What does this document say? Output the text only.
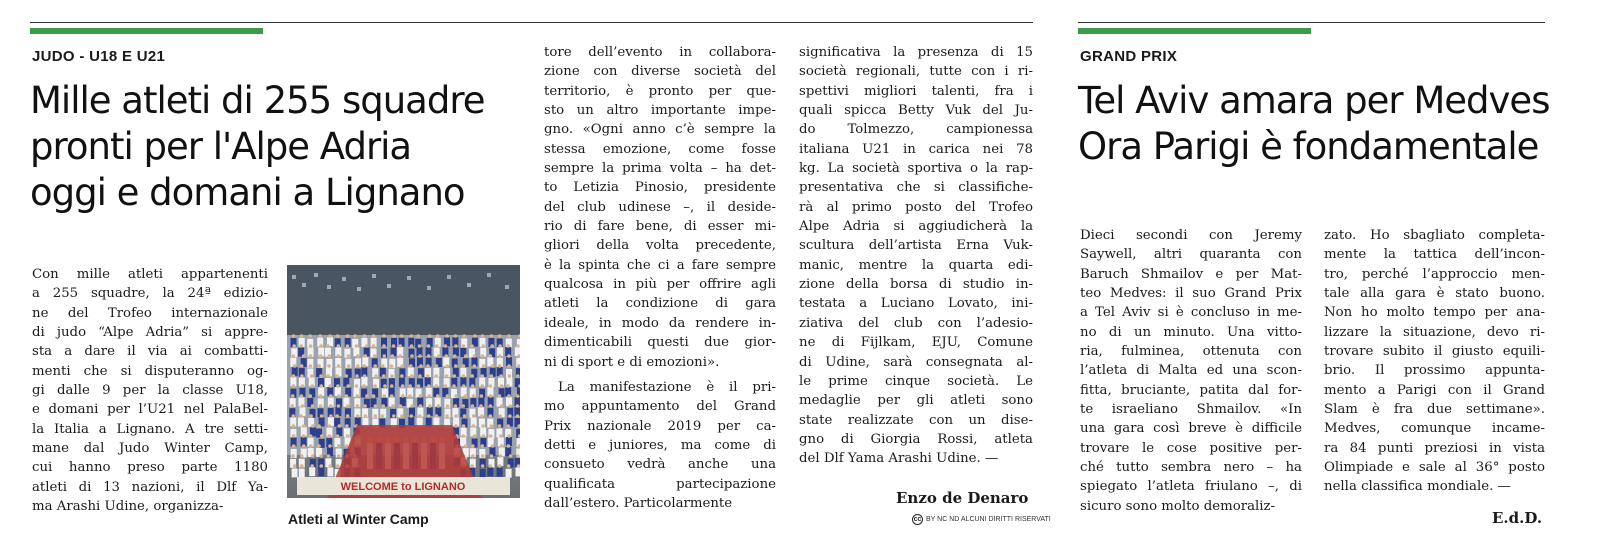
JUDO - U18 E U21
Mille atleti di 255 squadre
pronti per l'Alpe Adria
oggi e domani a Lignano
Con mille atleti appartenenti
a 255 squadre, la 24ª edizio-
ne del Trofeo internazionale
di judo “Alpe Adria” si appre-
sta a dare il via ai combatti-
menti che si disputeranno og-
gi dalle 9 per la classe U18,
e domani per l’U21 nel PalaBel-
la Italia a Lignano. A tre setti-
mane dal Judo Winter Camp,
cui hanno preso parte 1180
atleti di 13 nazioni, il Dlf Ya-
ma Arashi Udine, organizza-
WELCOME to LIGNANO
Atleti al Winter Camp
tore dell’evento in collabora-
zione con diverse società del
territorio, è pronto per que-
sto un altro importante impe-
gno. «Ogni anno c’è sempre la
stessa emozione, come fosse
sempre la prima volta – ha det-
to Letizia Pinosio, presidente
del club udinese –, il deside-
rio di fare bene, di esser mi-
gliori della volta precedente,
è la spinta che ci a fare sempre
qualcosa in più per offrire agli
atleti la condizione di gara
ideale, in modo da rendere in-
dimenticabili questi due gior-
ni di sport e di emozioni».
La manifestazione è il pri-
mo appuntamento del Grand
Prix nazionale 2019 per ca-
detti e juniores, ma come di
consueto vedrà anche una
qualificata partecipazione
dall’estero. Particolarmente
significativa la presenza di 15
società regionali, tutte con i ri-
spettivi migliori talenti, fra i
quali spicca Betty Vuk del Ju-
do Tolmezzo, campionessa
italiana U21 in carica nei 78
kg. La società sportiva o la rap-
presentativa che si classifiche-
rà al primo posto del Trofeo
Alpe Adria si aggiudicherà la
scultura dell’artista Erna Vuk-
manic, mentre la quarta edi-
zione della borsa di studio in-
testata a Luciano Lovato, ini-
ziativa del club con l’adesio-
ne di Fijlkam, EJU, Comune
di Udine, sarà consegnata al-
le prime cinque società. Le
medaglie per gli atleti sono
state realizzate con un dise-
gno di Giorgia Rossi, atleta
del Dlf Yama Arashi Udine. —
Enzo de Denaro
cc BY NC ND ALCUNI DIRITTI RISERVATI
GRAND PRIX
Tel Aviv amara per Medves
Ora Parigi è fondamentale
Dieci secondi con Jeremy
Saywell, altri quaranta con
Baruch Shmailov e per Mat-
teo Medves: il suo Grand Prix
a Tel Aviv si è concluso in me-
no di un minuto. Una vitto-
ria, fulminea, ottenuta con
l’atleta di Malta ed una scon-
fitta, bruciante, patita dal for-
te israeliano Shmailov. «In
una gara così breve è difficile
trovare le cose positive per-
ché tutto sembra nero – ha
spiegato l’atleta friulano –, di
sicuro sono molto demoraliz-
zato. Ho sbagliato completa-
mente la tattica dell’incon-
tro, perché l’approccio men-
tale alla gara è stato buono.
Non ho molto tempo per ana-
lizzare la situazione, devo ri-
trovare subito il giusto equili-
brio. Il prossimo appunta-
mento a Parigi con il Grand
Slam è fra due settimane».
Medves, comunque incame-
ra 84 punti preziosi in vista
Olimpiade e sale al 36° posto
nella classifica mondiale. —
E.d.D.
